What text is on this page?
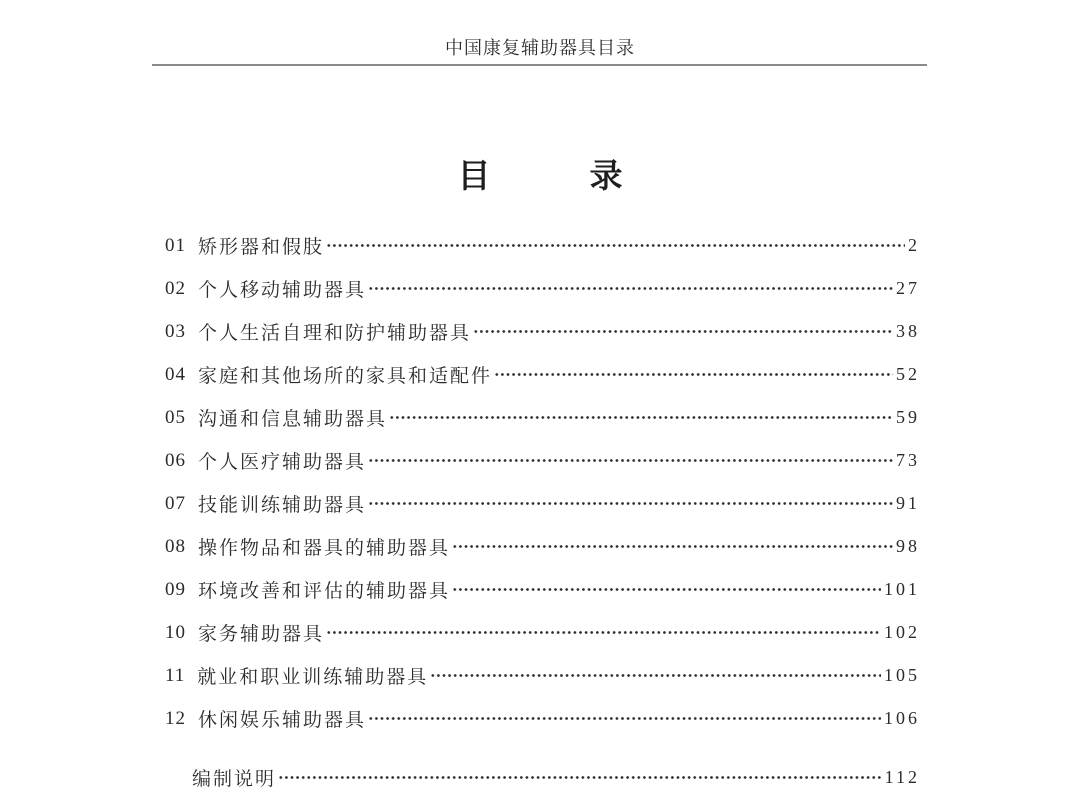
中国康复辅助器具目录
目            录
01 矫形器和假肢	2
02 个人移动辅助器具	27
03 个人生活自理和防护辅助器具	38
04 家庭和其他场所的家具和适配件	52
05 沟通和信息辅助器具	59
06 个人医疗辅助器具	73
07 技能训练辅助器具	91
08 操作物品和器具的辅助器具	98
09 环境改善和评估的辅助器具	101
10 家务辅助器具	102
11 就业和职业训练辅助器具	105
12 休闲娱乐辅助器具	106
编制说明	112
